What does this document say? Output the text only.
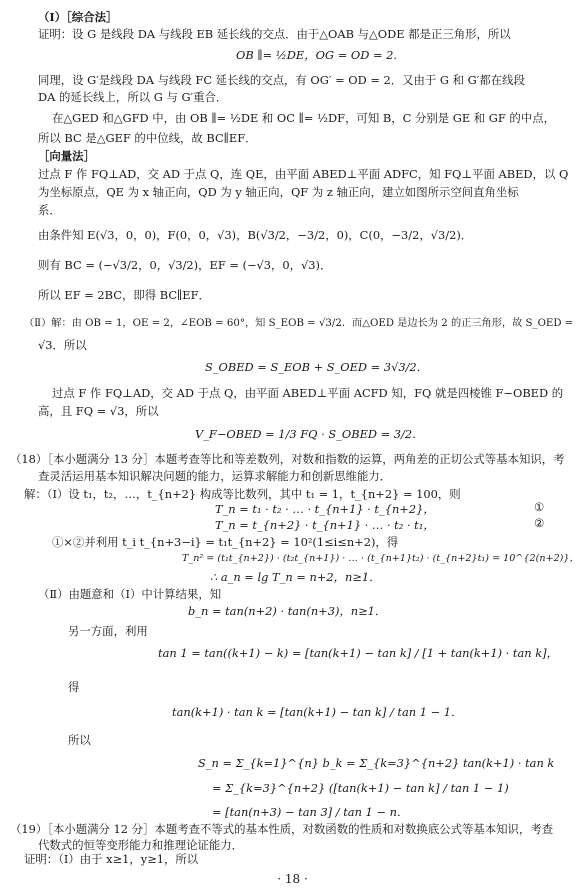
（Ⅰ）［综合法］
证明：设 G 是线段 DA 与线段 EB 延长线的交点．由于△OAB 与△ODE 都是正三角形，所以
OB ∥= ½DE，OG = OD = 2.
同理，设 G′是线段 DA 与线段 FC 延长线的交点，有 OG′ = OD = 2．又由于 G 和 G′都在线段
DA 的延长线上，所以 G 与 G′重合．
在△GED 和△GFD 中，由 OB ∥= ½DE 和 OC ∥= ½DF，可知 B，C 分别是 GE 和 GF 的中点，
所以 BC 是△GEF 的中位线，故 BC∥EF．
［向量法］
过点 F 作 FQ⊥AD，交 AD 于点 Q，连 QE，由平面 ABED⊥平面 ADFC，知 FQ⊥平面 ABED，以 Q
为坐标原点，QE 为 x 轴正向，QD 为 y 轴正向，QF 为 z 轴正向，建立如图所示空间直角坐标
系．
由条件知 E(√3，0，0)，F(0，0，√3)，B(√3/2，−3/2，0)，C(0，−3/2，√3/2)．
则有 BC = (−√3/2，0，√3/2)，EF = (−√3，0，√3)．
所以 EF = 2BC，即得 BC∥EF．
（Ⅱ）解：由 OB = 1，OE = 2，∠EOB = 60°，知 S_EOB = √3/2．而△OED 是边长为 2 的正三角形，故 S_OED =
√3．所以
S_OBED = S_EOB + S_OED = 3√3/2．
过点 F 作 FQ⊥AD，交 AD 于点 Q，由平面 ABED⊥平面 ACFD 知，FQ 就是四棱锥 F−OBED 的
高，且 FQ = √3，所以
V_F−OBED = 1/3 FQ · S_OBED = 3/2．
（18）［本小题满分 13 分］本题考查等比和等差数列，对数和指数的运算，两角差的正切公式等基本知识，考
查灵活运用基本知识解决问题的能力，运算求解能力和创新思维能力．
解：（Ⅰ）设 t₁，t₂，…，t_{n+2} 构成等比数列，其中 t₁ = 1，t_{n+2} = 100，则
T_n = t₁ · t₂ · … · t_{n+1} · t_{n+2}，	①
T_n = t_{n+2} · t_{n+1} · … · t₂ · t₁，	②
①×②并利用 t_i t_{n+3−i} = t₁t_{n+2} = 10²(1≤i≤n+2)，得
T_n² = (t₁t_{n+2}) · (t₂t_{n+1}) · … · (t_{n+1}t₂) · (t_{n+2}t₁) = 10^{2(n+2)}，
∴ a_n = lg T_n = n+2，n≥1．
（Ⅱ）由题意和（Ⅰ）中计算结果，知
b_n = tan(n+2) · tan(n+3)，n≥1．
另一方面，利用
tan 1 = tan((k+1) − k) = [tan(k+1) − tan k] / [1 + tan(k+1) · tan k]，
得
tan(k+1) · tan k = [tan(k+1) − tan k] / tan 1 − 1．
所以
S_n = Σ_{k=1}^{n} b_k = Σ_{k=3}^{n+2} tan(k+1) · tan k
= Σ_{k=3}^{n+2} ([tan(k+1) − tan k] / tan 1 − 1)
= [tan(n+3) − tan 3] / tan 1 − n．
（19）［本小题满分 12 分］本题考查不等式的基本性质，对数函数的性质和对数换底公式等基本知识，考查
代数式的恒等变形能力和推理论证能力．
证明：（Ⅰ）由于 x≥1，y≥1，所以
· 18 ·
